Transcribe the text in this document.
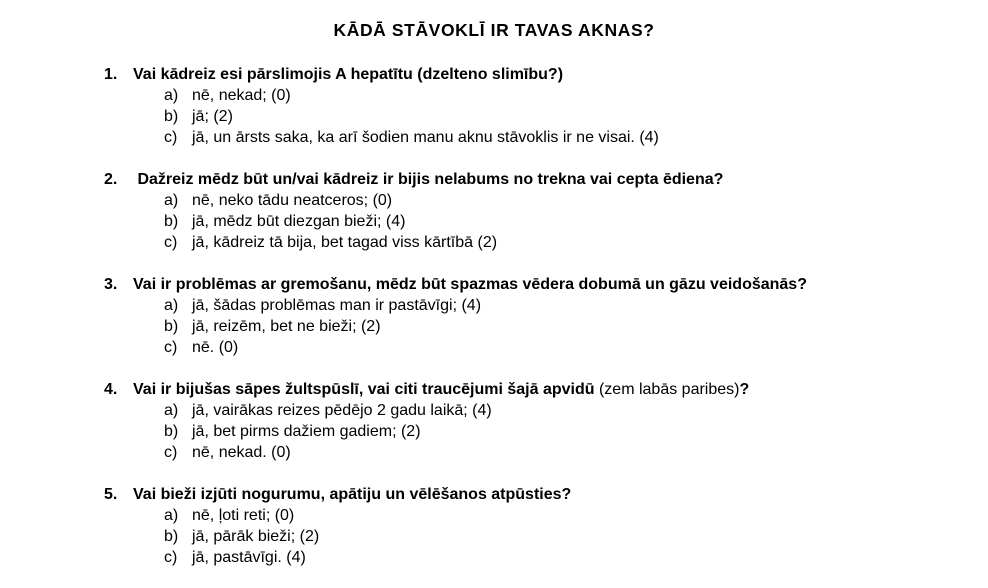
KĀDĀ STĀVOKLĪ IR TAVAS AKNAS?
1. Vai kādreiz esi pārslimojis A hepatītu (dzelteno slimību?)
a) nē, nekad; (0)
b) jā; (2)
c) jā, un ārsts saka, ka arī šodien manu aknu stāvoklis ir ne visai. (4)
2. Dažreiz mēdz būt un/vai kādreiz ir bijis nelabums no trekna vai cepta ēdiena?
a) nē, neko tādu neatceros; (0)
b) jā, mēdz būt diezgan bieži; (4)
c) jā, kādreiz tā bija, bet tagad viss kārtībā (2)
3. Vai ir problēmas ar gremošanu, mēdz būt spazmas vēdera dobumā un gāzu veidošanās?
a) jā, šādas problēmas man ir pastāvīgi; (4)
b) jā, reizēm, bet ne bieži; (2)
c) nē. (0)
4. Vai ir bijušas sāpes žultspūslī, vai citi traucējumi šajā apvidū (zem labās paribes)?
a) jā, vairākas reizes pēdējo 2 gadu laikā; (4)
b) jā, bet pirms dažiem gadiem; (2)
c) nē, nekad. (0)
5. Vai bieži izjūti nogurumu, apātiju un vēlēšanos atpūsties?
a) nē, ļoti reti; (0)
b) jā, pārāk bieži; (2)
c) jā, pastāvīgi. (4)
